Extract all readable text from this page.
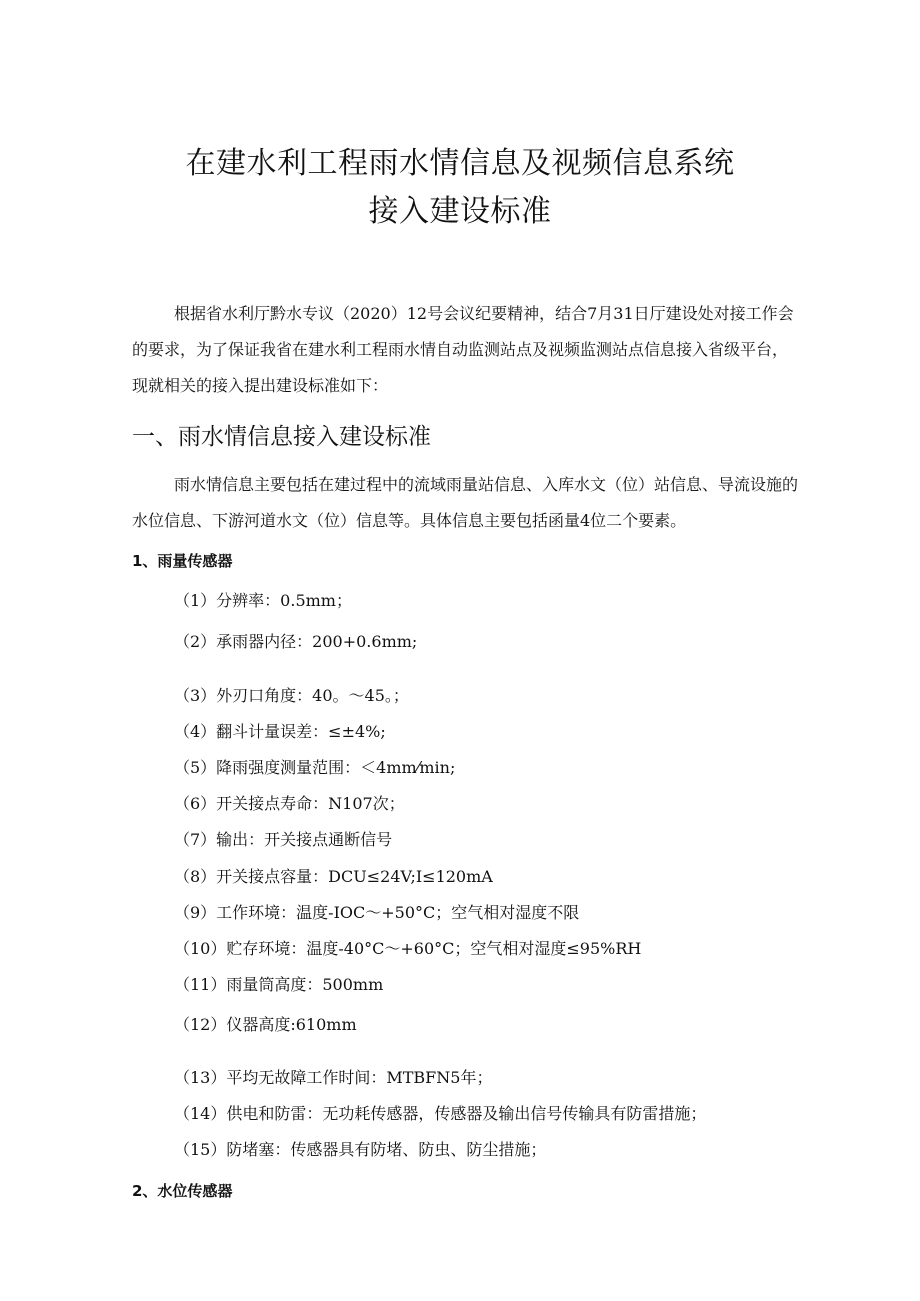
在建水利工程雨水情信息及视频信息系统
接入建设标准
根据省水利厅黔水专议（2020）12号会议纪要精神，结合7月31日厅建设处对接工作会的要求，为了保证我省在建水利工程雨水情自动监测站点及视频监测站点信息接入省级平台，现就相关的接入提出建设标准如下：
一、雨水情信息接入建设标准
雨水情信息主要包括在建过程中的流域雨量站信息、入库水文（位）站信息、导流设施的水位信息、下游河道水文（位）信息等。具体信息主要包括函量4位二个要素。
1、雨量传感器
（1）分辨率：0.5mm；
（2）承雨器内径：200+0.6mm;
（3）外刃口角度：40。～45。；
（4）翻斗计量误差：≤±4%;
（5）降雨强度测量范围：＜4mm⁄min;
（6）开关接点寿命：N107次；
（7）输出：开关接点通断信号
（8）开关接点容量：DCU≤24V;I≤120mA
（9）工作环境：温度-IOC～+50°C；空气相对湿度不限
（10）贮存环境：温度-40°C～+60°C；空气相对湿度≤95%RH
（11）雨量筒高度：500mm
（12）仪器高度:610mm
（13）平均无故障工作时间：MTBFN5年；
（14）供电和防雷：无功耗传感器，传感器及输出信号传输具有防雷措施；
（15）防堵塞：传感器具有防堵、防虫、防尘措施；
2、水位传感器
